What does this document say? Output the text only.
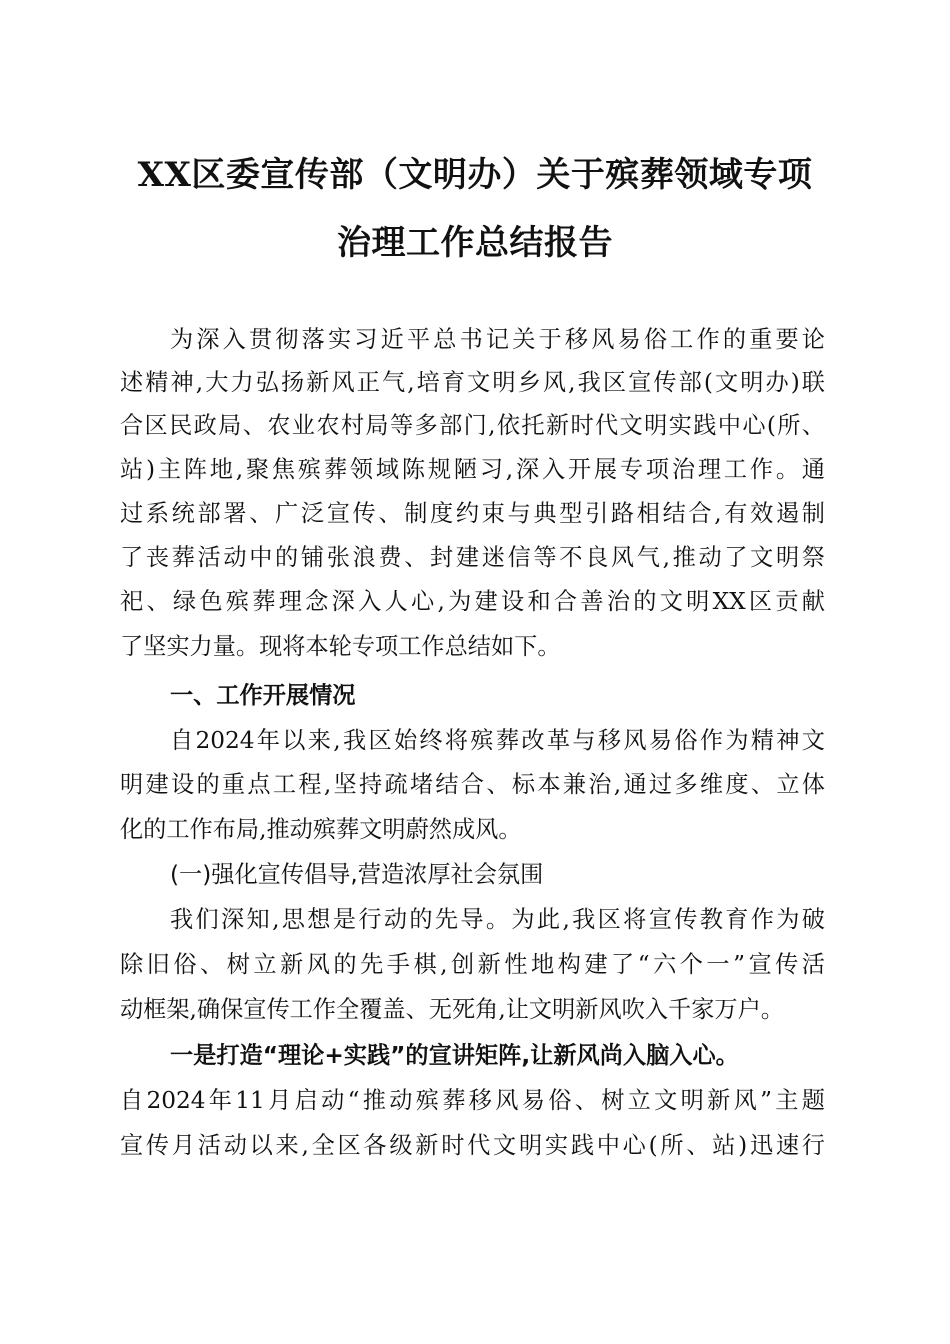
XX区委宣传部（文明办）关于殡葬领域专项
治理工作总结报告
为深入贯彻落实习近平总书记关于移风易俗工作的重要论
述精神,大力弘扬新风正气,培育文明乡风,我区宣传部(文明办)联
合区民政局、农业农村局等多部门,依托新时代文明实践中心(所、
站)主阵地,聚焦殡葬领域陈规陋习,深入开展专项治理工作。通
过系统部署、广泛宣传、制度约束与典型引路相结合,有效遏制
了丧葬活动中的铺张浪费、封建迷信等不良风气,推动了文明祭
祀、绿色殡葬理念深入人心,为建设和合善治的文明XX区贡献
了坚实力量。现将本轮专项工作总结如下。
一、工作开展情况
自2024年以来,我区始终将殡葬改革与移风易俗作为精神文
明建设的重点工程,坚持疏堵结合、标本兼治,通过多维度、立体
化的工作布局,推动殡葬文明蔚然成风。
(一)强化宣传倡导,营造浓厚社会氛围
我们深知,思想是行动的先导。为此,我区将宣传教育作为破
除旧俗、树立新风的先手棋,创新性地构建了“六个一”宣传活
动框架,确保宣传工作全覆盖、无死角,让文明新风吹入千家万户。
一是打造“理论+实践”的宣讲矩阵,让新风尚入脑入心。
自2024年11月启动“推动殡葬移风易俗、树立文明新风”主题
宣传月活动以来,全区各级新时代文明实践中心(所、站)迅速行
